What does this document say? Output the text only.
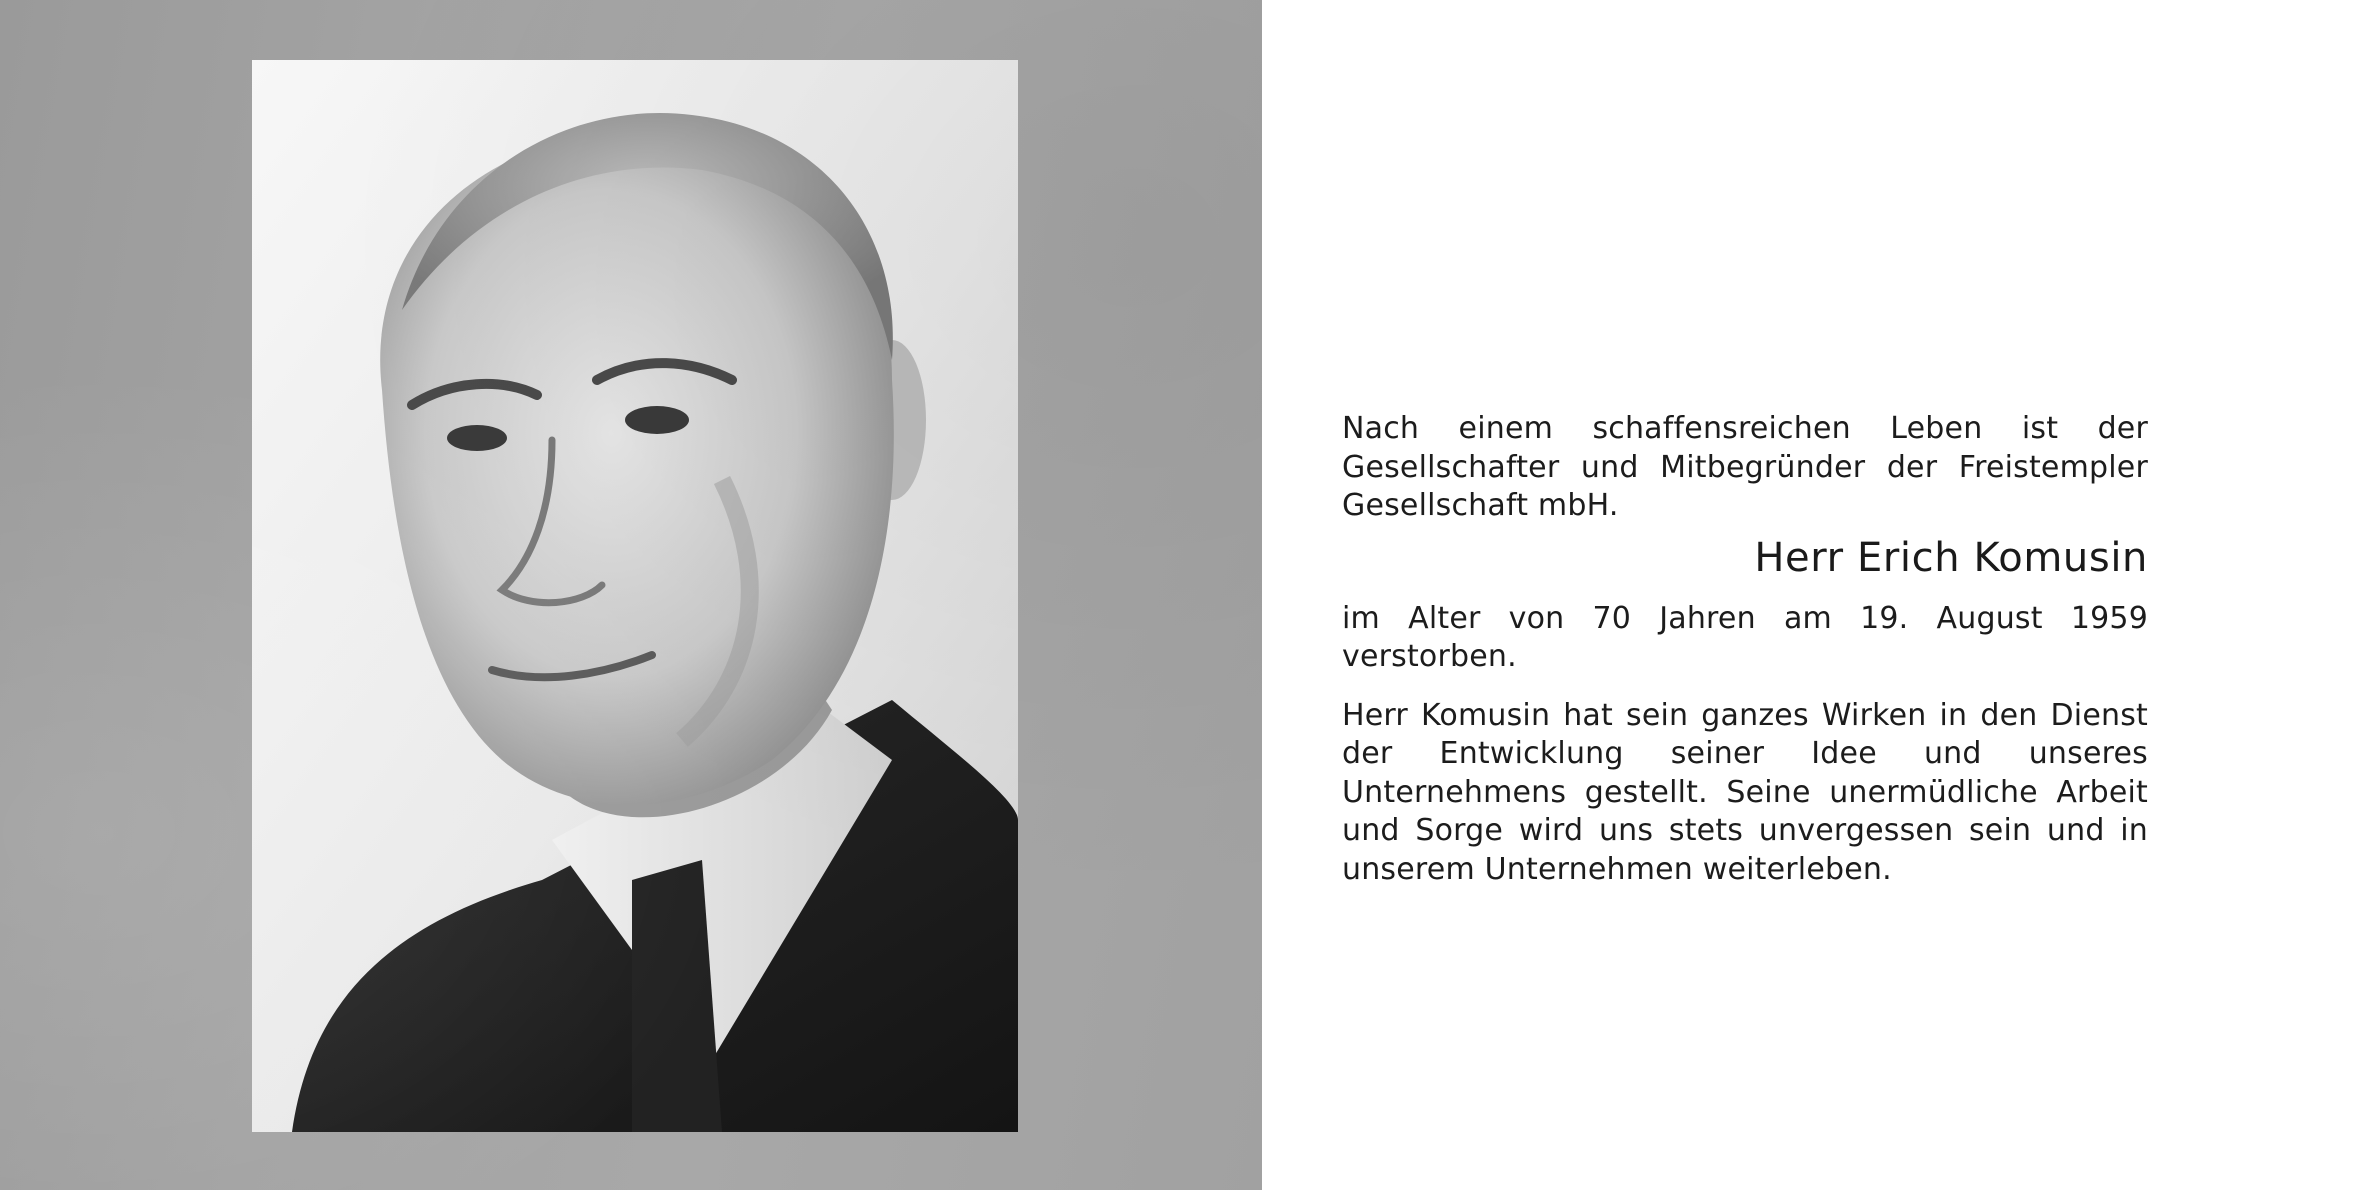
Nach einem schaffensreichen Leben ist der Gesellschafter und Mitbegründer der Freistempler Gesellschaft mbH.

Herr Erich Komusin

im Alter von 70 Jahren am 19. August 1959 verstorben.

Herr Komusin hat sein ganzes Wirken in den Dienst der Entwicklung seiner Idee und unseres Unternehmens gestellt. Seine unermüdliche Arbeit und Sorge wird uns stets unvergessen sein und in unserem Unternehmen weiterleben.
